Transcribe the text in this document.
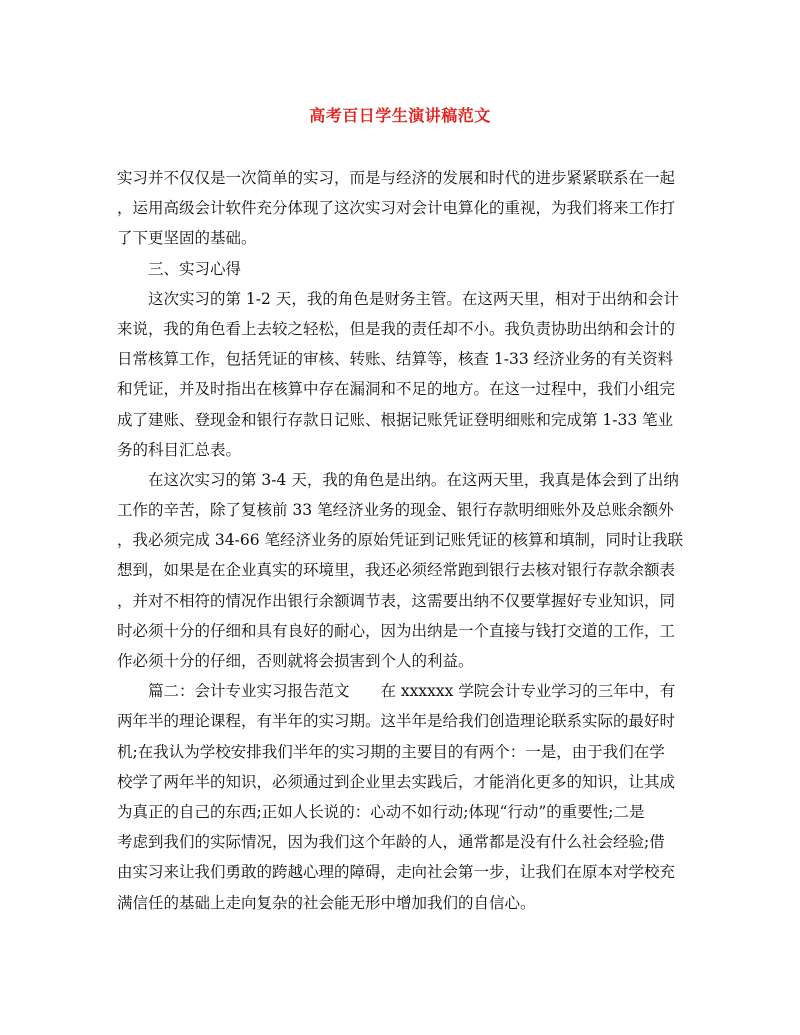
高考百日学生演讲稿范文
实习并不仅仅是一次简单的实习，而是与经济的发展和时代的进步紧紧联系在一起
，运用高级会计软件充分体现了这次实习对会计电算化的重视，为我们将来工作打
了下更坚固的基础。
三、实习心得
这次实习的第 1-2 天，我的角色是财务主管。在这两天里，相对于出纳和会计
来说，我的角色看上去较之轻松，但是我的责任却不小。我负责协助出纳和会计的
日常核算工作，包括凭证的审核、转账、结算等，核查 1-33 经济业务的有关资料
和凭证，并及时指出在核算中存在漏洞和不足的地方。在这一过程中，我们小组完
成了建账、登现金和银行存款日记账、根据记账凭证登明细账和完成第 1-33 笔业
务的科目汇总表。
在这次实习的第 3-4 天，我的角色是出纳。在这两天里，我真是体会到了出纳
工作的辛苦，除了复核前 33 笔经济业务的现金、银行存款明细账外及总账余额外
，我必须完成 34-66 笔经济业务的原始凭证到记账凭证的核算和填制，同时让我联
想到，如果是在企业真实的环境里，我还必须经常跑到银行去核对银行存款余额表
，并对不相符的情况作出银行余额调节表，这需要出纳不仅要掌握好专业知识，同
时必须十分的仔细和具有良好的耐心，因为出纳是一个直接与钱打交道的工作，工
作必须十分的仔细，否则就将会损害到个人的利益。
篇二：会计专业实习报告范文　　在 xxxxxx 学院会计专业学习的三年中，有
两年半的理论课程，有半年的实习期。这半年是给我们创造理论联系实际的最好时
机;在我认为学校安排我们半年的实习期的主要目的有两个：一是，由于我们在学
校学了两年半的知识，必须通过到企业里去实践后，才能消化更多的知识，让其成
为真正的自己的东西;正如人长说的：心动不如行动;体现“行动”的重要性;二是
考虑到我们的实际情况，因为我们这个年龄的人，通常都是没有什么社会经验;借
由实习来让我们勇敢的跨越心理的障碍，走向社会第一步，让我们在原本对学校充
满信任的基础上走向复杂的社会能无形中增加我们的自信心。
